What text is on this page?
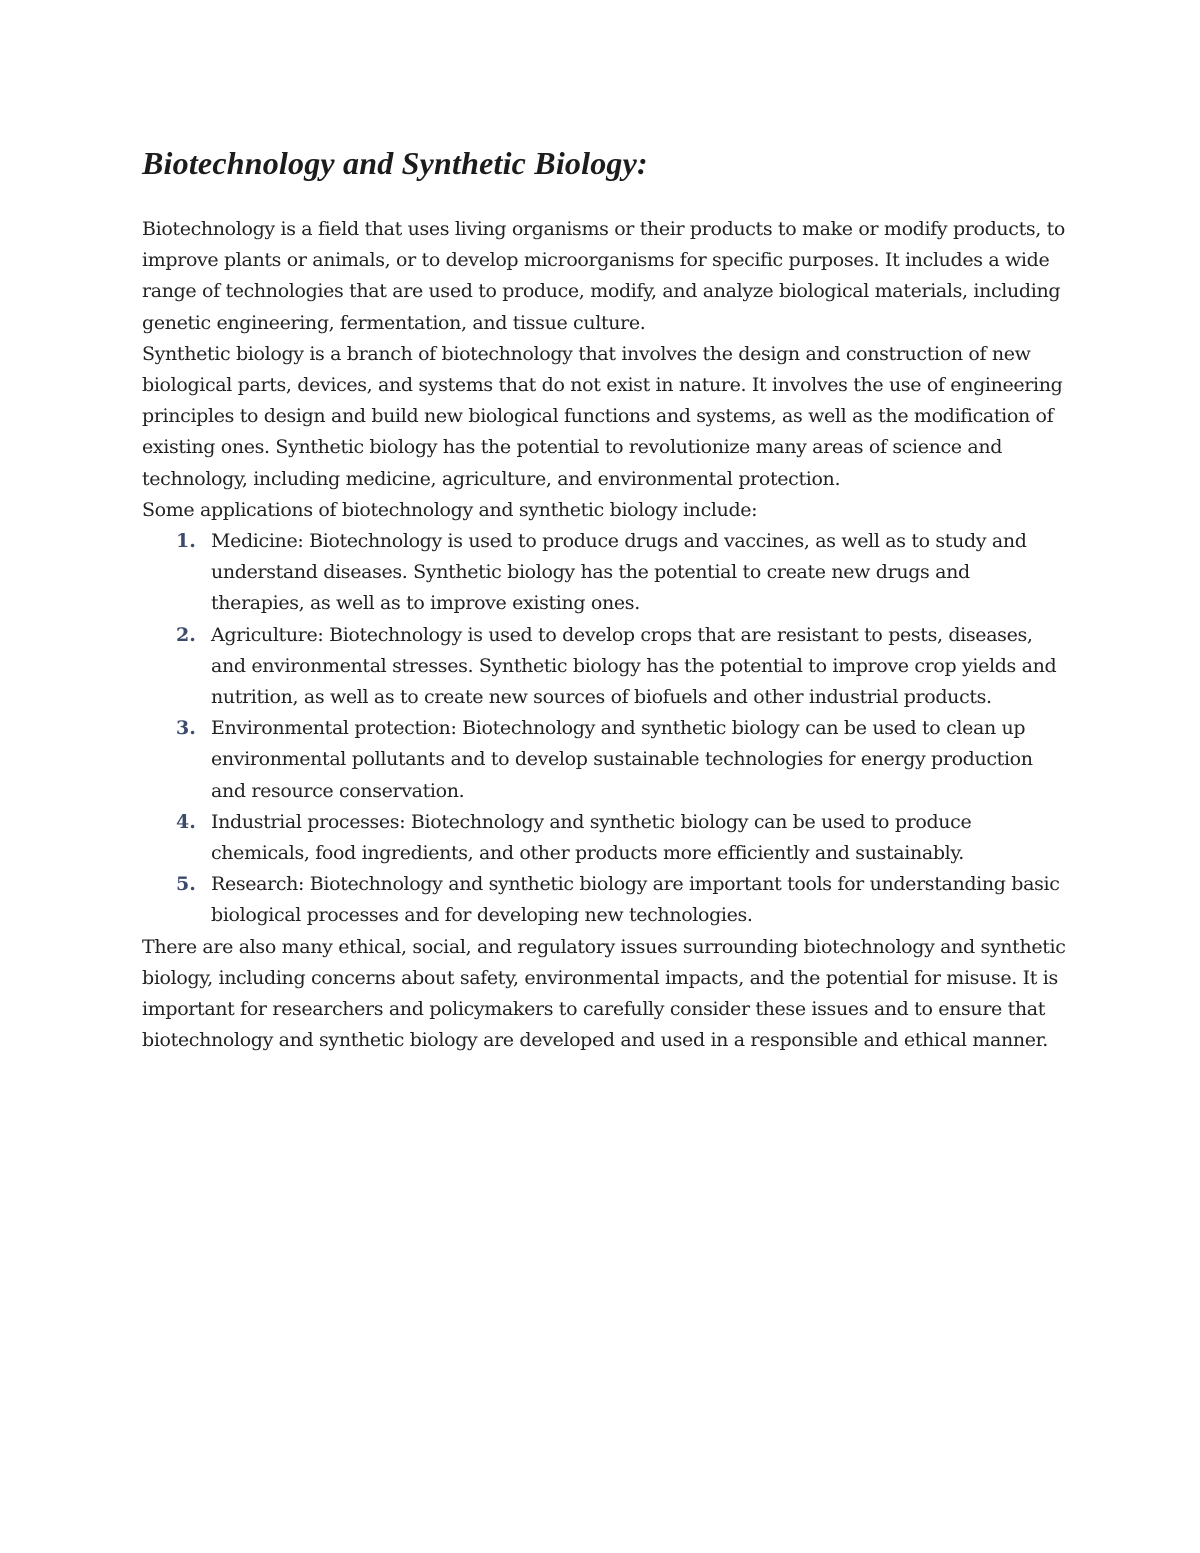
Biotechnology and Synthetic Biology:

Biotechnology is a field that uses living organisms or their products to make or modify products, to improve plants or animals, or to develop microorganisms for specific purposes. It includes a wide range of technologies that are used to produce, modify, and analyze biological materials, including genetic engineering, fermentation, and tissue culture.

Synthetic biology is a branch of biotechnology that involves the design and construction of new biological parts, devices, and systems that do not exist in nature. It involves the use of engineering principles to design and build new biological functions and systems, as well as the modification of existing ones. Synthetic biology has the potential to revolutionize many areas of science and technology, including medicine, agriculture, and environmental protection.

Some applications of biotechnology and synthetic biology include:

1. Medicine: Biotechnology is used to produce drugs and vaccines, as well as to study and understand diseases. Synthetic biology has the potential to create new drugs and therapies, as well as to improve existing ones.
2. Agriculture: Biotechnology is used to develop crops that are resistant to pests, diseases, and environmental stresses. Synthetic biology has the potential to improve crop yields and nutrition, as well as to create new sources of biofuels and other industrial products.
3. Environmental protection: Biotechnology and synthetic biology can be used to clean up environmental pollutants and to develop sustainable technologies for energy production and resource conservation.
4. Industrial processes: Biotechnology and synthetic biology can be used to produce chemicals, food ingredients, and other products more efficiently and sustainably.
5. Research: Biotechnology and synthetic biology are important tools for understanding basic biological processes and for developing new technologies.

There are also many ethical, social, and regulatory issues surrounding biotechnology and synthetic biology, including concerns about safety, environmental impacts, and the potential for misuse. It is important for researchers and policymakers to carefully consider these issues and to ensure that biotechnology and synthetic biology are developed and used in a responsible and ethical manner.
